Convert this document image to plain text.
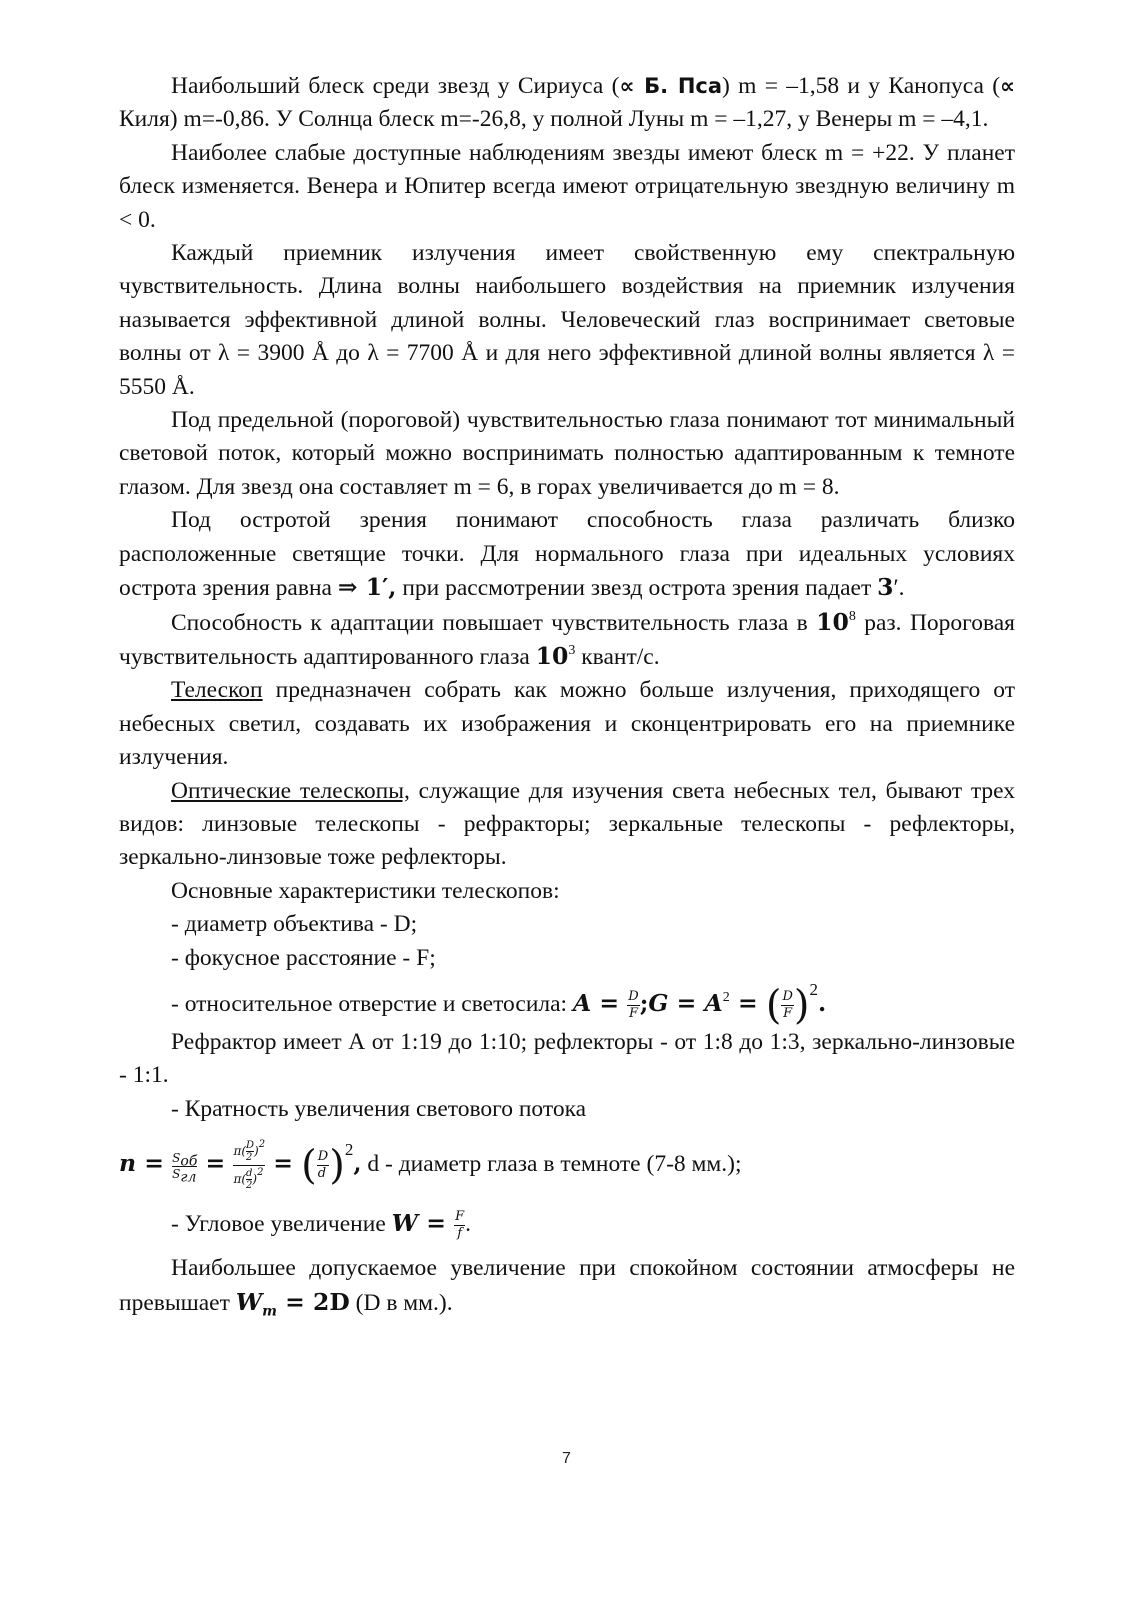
Наибольший блеск среди звезд у Сириуса (∝ Б. Пса) m = –1,58 и у Канопуса (∝ Киля) m=-0,86. У Солнца блеск m=-26,8, у полной Луны m = –1,27, у Венеры m = –4,1.

Наиболее слабые доступные наблюдениям звезды имеют блеск m = +22. У планет блеск изменяется. Венера и Юпитер всегда имеют отрицательную звездную величину m < 0.

Каждый приемник излучения имеет свойственную ему спектральную чувствительность. Длина волны наибольшего воздействия на приемник излучения называется эффективной длиной волны. Человеческий глаз воспринимает световые волны от λ = 3900 Å до λ = 7700 Å и для него эффективной длиной волны является λ = 5550 Å.

Под предельной (пороговой) чувствительностью глаза понимают тот минимальный световой поток, который можно воспринимать полностью адаптированным к темноте глазом. Для звезд она составляет m = 6, в горах увеличивается до m = 8.

Под остротой зрения понимают способность глаза различать близко расположенные светящие точки. Для нормального глаза при идеальных условиях острота зрения равна ⇒ 1′, при рассмотрении звезд острота зрения падает 3′.

Способность к адаптации повышает чувствительность глаза в $10^8$ раз. Пороговая чувствительность адаптированного глаза $10^3$ квант/с.

Телескоп предназначен собрать как можно больше излучения, приходящего от небесных светил, создавать их изображения и сконцентрировать его на приемнике излучения.

Оптические телескопы, служащие для изучения света небесных тел, бывают трех видов: линзовые телескопы - рефракторы; зеркальные телескопы - рефлекторы, зеркально-линзовые тоже рефлекторы.

Основные характеристики телескопов:

- диаметр объектива - D;

- фокусное расстояние - F;

- относительное отверстие и светосила: $A = \frac{D}{F}$ ;G = $A^2$ = ( $\frac{D}{F} )^2$.

Рефрактор имеет А от 1:19 до 1:10; рефлекторы - от 1:8 до 1:3, зеркально-линзовые - 1:1.

- Кратность увеличения светового потока

$n = S_{об}$
$S_{гл} = \frac{\pi( \frac{D}{2} )^2}{\pi( \frac{d}{2} )^2}$ = ( $\frac{D}{d} )^2$, d - диаметр глаза в темноте (7-8 мм.);

- Угловое увеличение $W = \frac{F}{f}$ .

Наибольшее допускаемое увеличение при спокойном состоянии атмосферы не превышает $W_m = 2D$ (D в мм.).

7
